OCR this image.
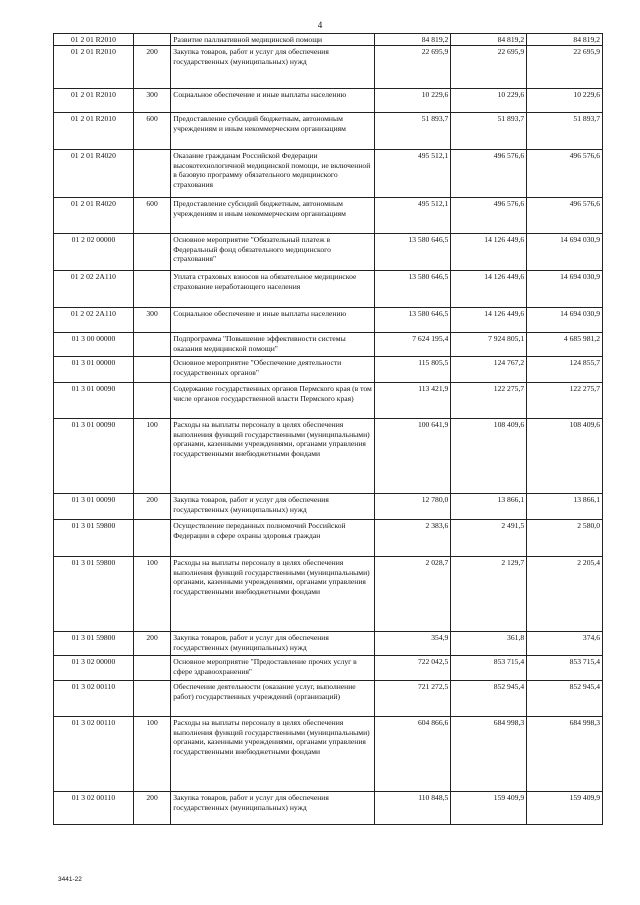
4
01 2 01 R2010		Развитие паллиативной медицинской помощи	84 819,2	84 819,2	84 819,2
01 2 01 R2010	200	Закупка товаров, работ и услуг для обеспечения государственных (муниципальных) нужд	22 695,9	22 695,9	22 695,9
01 2 01 R2010	300	Социальное обеспечение и иные выплаты населению	10 229,6	10 229,6	10 229,6
01 2 01 R2010	600	Предоставление субсидий бюджетным, автономным учреждениям и иным некоммерческим организациям	51 893,7	51 893,7	51 893,7
01 2 01 R4020		Оказание гражданам Российской Федерации высокотехнологичной медицинской помощи, не включенной в базовую программу обязательного медицинского страхования	495 512,1	496 576,6	496 576,6
01 2 01 R4020	600	Предоставление субсидий бюджетным, автономным учреждениям и иным некоммерческим организациям	495 512,1	496 576,6	496 576,6
01 2 02 00000		Основное мероприятие "Обязательный платеж в Федеральный фонд обязательного медицинского страхования"	13 580 646,5	14 126 449,6	14 694 030,9
01 2 02 2А110		Уплата страховых взносов на обязательное медицинское страхование неработающего населения	13 580 646,5	14 126 449,6	14 694 030,9
01 2 02 2А110	300	Социальное обеспечение и иные выплаты населению	13 580 646,5	14 126 449,6	14 694 030,9
01 3 00 00000		Подпрограмма "Повышение эффективности системы оказания медицинской помощи"	7 624 195,4	7 924 805,1	4 685 981,2
01 3 01 00000		Основное мероприятие "Обеспечение деятельности государственных органов"	115 805,5	124 767,2	124 855,7
01 3 01 00090		Содержание государственных органов Пермского края (в том числе органов государственной власти Пермского края)	113 421,9	122 275,7	122 275,7
01 3 01 00090	100	Расходы на выплаты персоналу в целях обеспечения выполнения функций государственными (муниципальными) органами, казенными учреждениями, органами управления государственными внебюджетными фондами	100 641,9	108 409,6	108 409,6
01 3 01 00090	200	Закупка товаров, работ и услуг для обеспечения государственных (муниципальных) нужд	12 780,0	13 866,1	13 866,1
01 3 01 59800		Осуществление переданных полномочий Российской Федерации в сфере охраны здоровья граждан	2 383,6	2 491,5	2 580,0
01 3 01 59800	100	Расходы на выплаты персоналу в целях обеспечения выполнения функций государственными (муниципальными) органами, казенными учреждениями, органами управления государственными внебюджетными фондами	2 028,7	2 129,7	2 205,4
01 3 01 59800	200	Закупка товаров, работ и услуг для обеспечения государственных (муниципальных) нужд	354,9	361,8	374,6
01 3 02 00000		Основное мероприятие "Предоставление прочих услуг в сфере здравоохранения"	722 042,5	853 715,4	853 715,4
01 3 02 00110		Обеспечение деятельности (оказание услуг, выполнение работ) государственных учреждений (организаций)	721 272,5	852 945,4	852 945,4
01 3 02 00110	100	Расходы на выплаты персоналу в целях обеспечения выполнения функций государственными (муниципальными) органами, казенными учреждениями, органами управления государственными внебюджетными фондами	604 866,6	684 998,3	684 998,3
01 3 02 00110	200	Закупка товаров, работ и услуг для обеспечения государственных (муниципальных) нужд	110 848,5	159 409,9	159 409,9
3441-22
